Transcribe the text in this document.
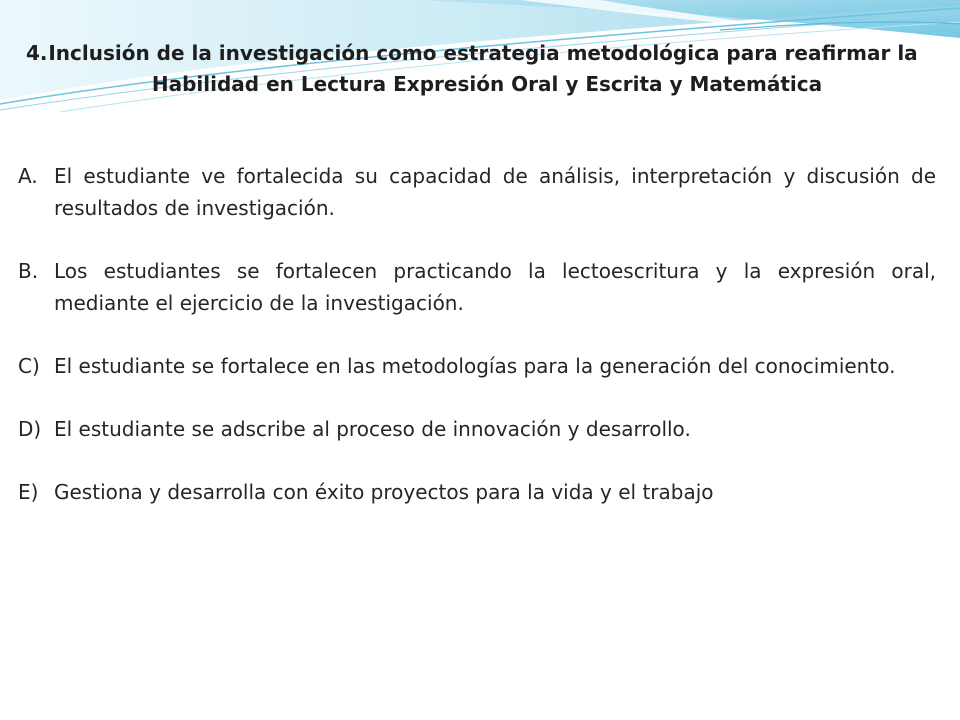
4. Inclusión de la investigación como estrategia metodológica para reafirmar la Habilidad en Lectura Expresión Oral y Escrita y Matemática
A. El estudiante ve fortalecida su capacidad de análisis, interpretación y discusión de resultados de investigación.
B. Los estudiantes se fortalecen practicando la lectoescritura y la expresión oral, mediante el ejercicio de la investigación.
C) El estudiante se fortalece en las metodologías para la generación del conocimiento.
D) El estudiante se adscribe al proceso de innovación y desarrollo.
E) Gestiona y desarrolla con éxito proyectos para la vida y el trabajo
